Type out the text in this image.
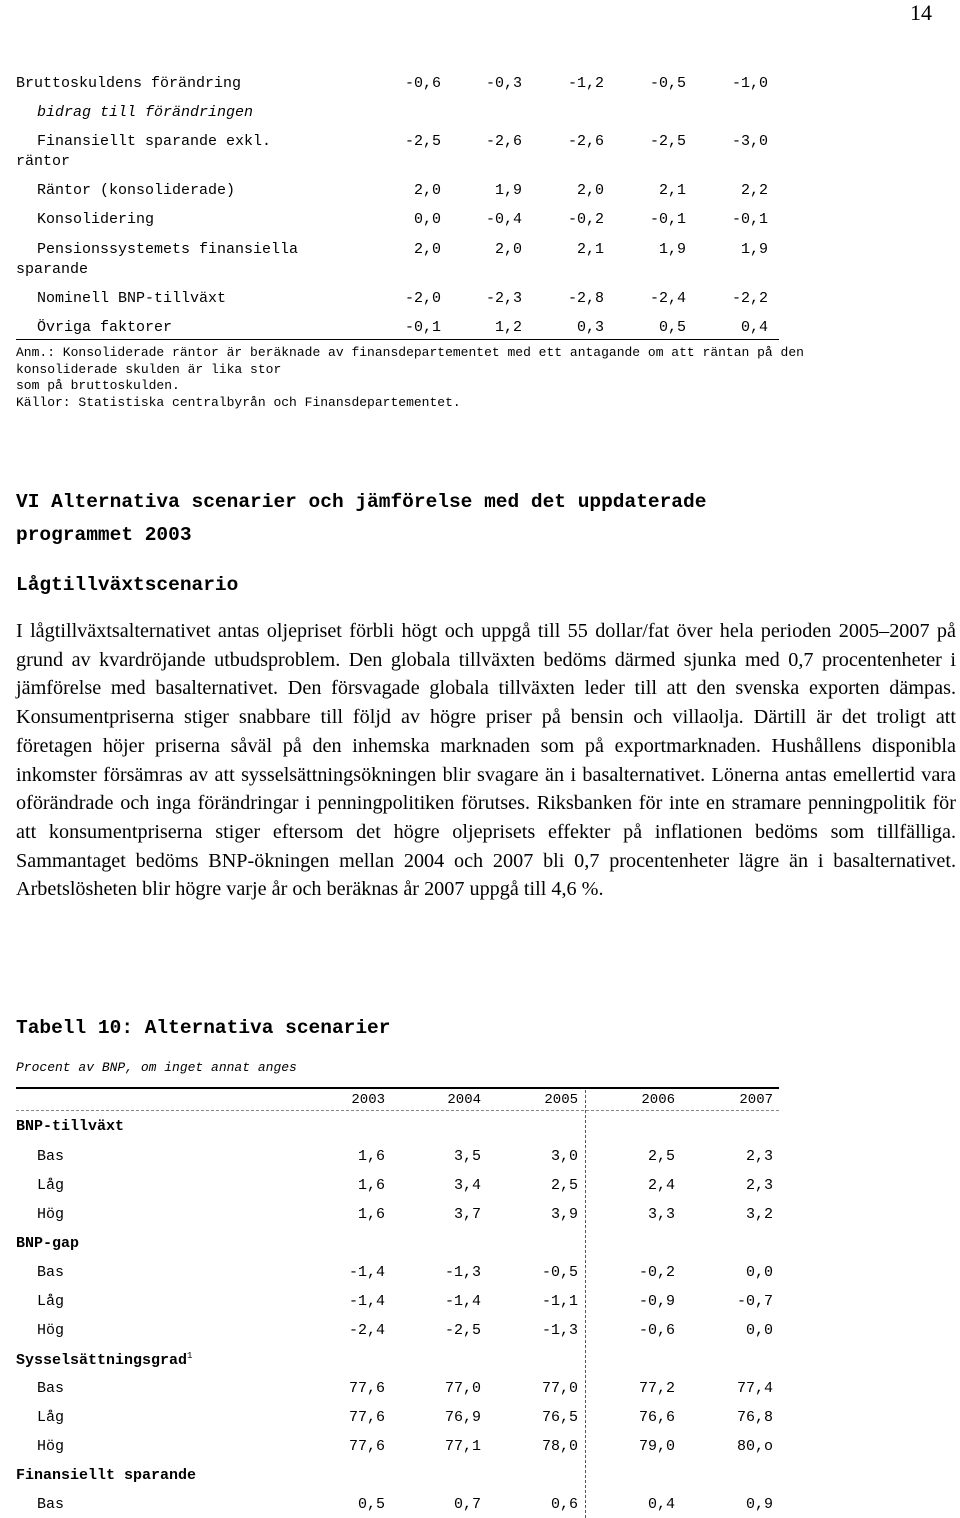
14
Bruttoskuldens förändring	-0,6	-0,3	-1,2	-0,5	-1,0
bidrag till förändringen
Finansiellt sparande exkl.	-2,5	-2,6	-2,6	-2,5	-3,0
räntor
Räntor (konsoliderade)	2,0	1,9	2,0	2,1	2,2
Konsolidering	0,0	-0,4	-0,2	-0,1	-0,1
Pensionssystemets finansiella	2,0	2,0	2,1	1,9	1,9
sparande
Nominell BNP-tillväxt	-2,0	-2,3	-2,8	-2,4	-2,2
Övriga faktorer	-0,1	1,2	0,3	0,5	0,4
Anm.: Konsoliderade räntor är beräknade av finansdepartementet med ett antagande om att räntan på den
konsoliderade skulden är lika stor
som på bruttoskulden.
Källor: Statistiska centralbyrån och Finansdepartementet.
VI Alternativa scenarier och jämförelse med det uppdaterade
programmet 2003
Lågtillväxtscenario
I lågtillväxtsalternativet antas oljepriset förbli högt och uppgå till 55 dollar/fat över hela perioden 2005–2007 på grund av kvardröjande utbudsproblem. Den globala tillväxten bedöms därmed sjunka med 0,7 procentenheter i jämförelse med basalternativet. Den försvagade globala tillväxten leder till att den svenska exporten dämpas. Konsumentpriserna stiger snabbare till följd av högre priser på bensin och villaolja. Därtill är det troligt att företagen höjer priserna såväl på den inhemska marknaden som på exportmarknaden. Hushållens disponibla inkomster försämras av att sysselsättningsökningen blir svagare än i basalternativet. Lönerna antas emellertid vara oförändrade och inga förändringar i penningpolitiken förutses. Riksbanken för inte en stramare penningpolitik för att konsumentpriserna stiger eftersom det högre oljeprisets effekter på inflationen bedöms som tillfälliga. Sammantaget bedöms BNP-ökningen mellan 2004 och 2007 bli 0,7 procentenheter lägre än i basalternativet. Arbetslösheten blir högre varje år och beräknas år 2007 uppgå till 4,6 %.
Tabell 10: Alternativa scenarier
Procent av BNP, om inget annat anges
2003	2004	2005	2006	2007
BNP-tillväxt
Bas	1,6	3,5	3,0	2,5	2,3
Låg	1,6	3,4	2,5	2,4	2,3
Hög	1,6	3,7	3,9	3,3	3,2
BNP-gap
Bas	-1,4	-1,3	-0,5	-0,2	0,0
Låg	-1,4	-1,4	-1,1	-0,9	-0,7
Hög	-2,4	-2,5	-1,3	-0,6	0,0
Sysselsättningsgrad$^1$
Bas	77,6	77,0	77,0	77,2	77,4
Låg	77,6	76,9	76,5	76,6	76,8
Hög	77,6	77,1	78,0	79,0	80,o
Finansiellt sparande
Bas	0,5	0,7	0,6	0,4	0,9
